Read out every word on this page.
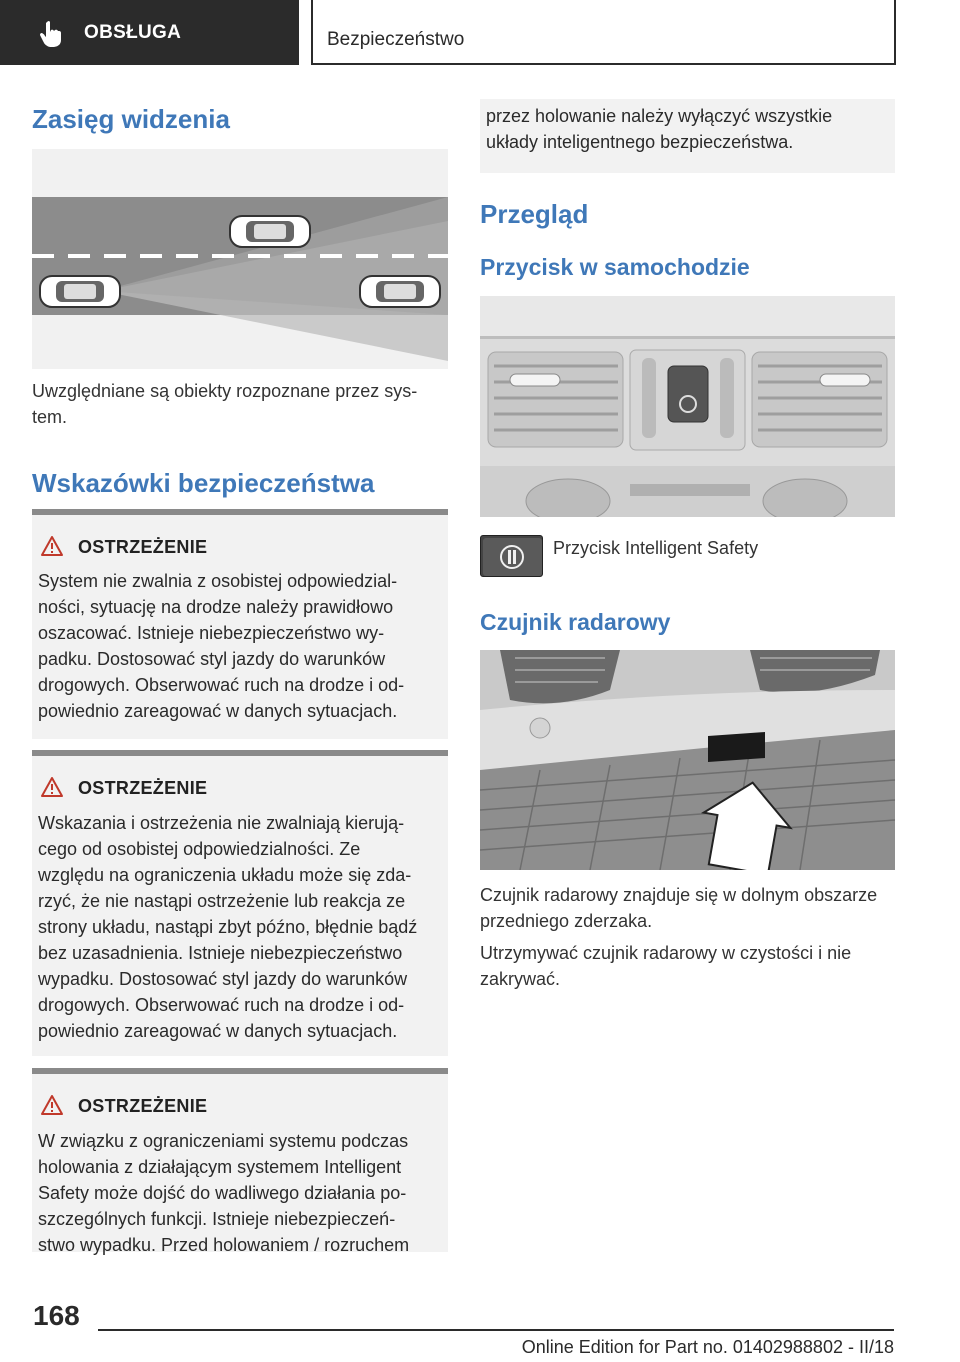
OBSŁUGA	Bezpieczeństwo
Zasięg widzenia
Uwzględniane są obiekty rozpoznane przez sys-
tem.
Wskazówki bezpieczeństwa
OSTRZEŻENIE
System nie zwalnia z osobistej odpowiedzial-
ności, sytuację na drodze należy prawidłowo
oszacować. Istnieje niebezpieczeństwo wy-
padku. Dostosować styl jazdy do warunków
drogowych. Obserwować ruch na drodze i od-
powiednio zareagować w danych sytuacjach.
OSTRZEŻENIE
Wskazania i ostrzeżenia nie zwalniają kierują-
cego od osobistej odpowiedzialności. Ze
względu na ograniczenia układu może się zda-
rzyć, że nie nastąpi ostrzeżenie lub reakcja ze
strony układu, nastąpi zbyt późno, błędnie bądź
bez uzasadnienia. Istnieje niebezpieczeństwo
wypadku. Dostosować styl jazdy do warunków
drogowych. Obserwować ruch na drodze i od-
powiednio zareagować w danych sytuacjach.
OSTRZEŻENIE
W związku z ograniczeniami systemu podczas
holowania z działającym systemem Intelligent
Safety może dojść do wadliwego działania po-
szczególnych funkcji. Istnieje niebezpieczeń-
stwo wypadku. Przed holowaniem / rozruchem
przez holowanie należy wyłączyć wszystkie
układy inteligentnego bezpieczeństwa.
Przegląd
Przycisk w samochodzie
Przycisk Intelligent Safety
Czujnik radarowy
Czujnik radarowy znajduje się w dolnym obszarze
przedniego zderzaka.
Utrzymywać czujnik radarowy w czystości i nie
zakrywać.
168
Online Edition for Part no. 01402988802 - II/18
